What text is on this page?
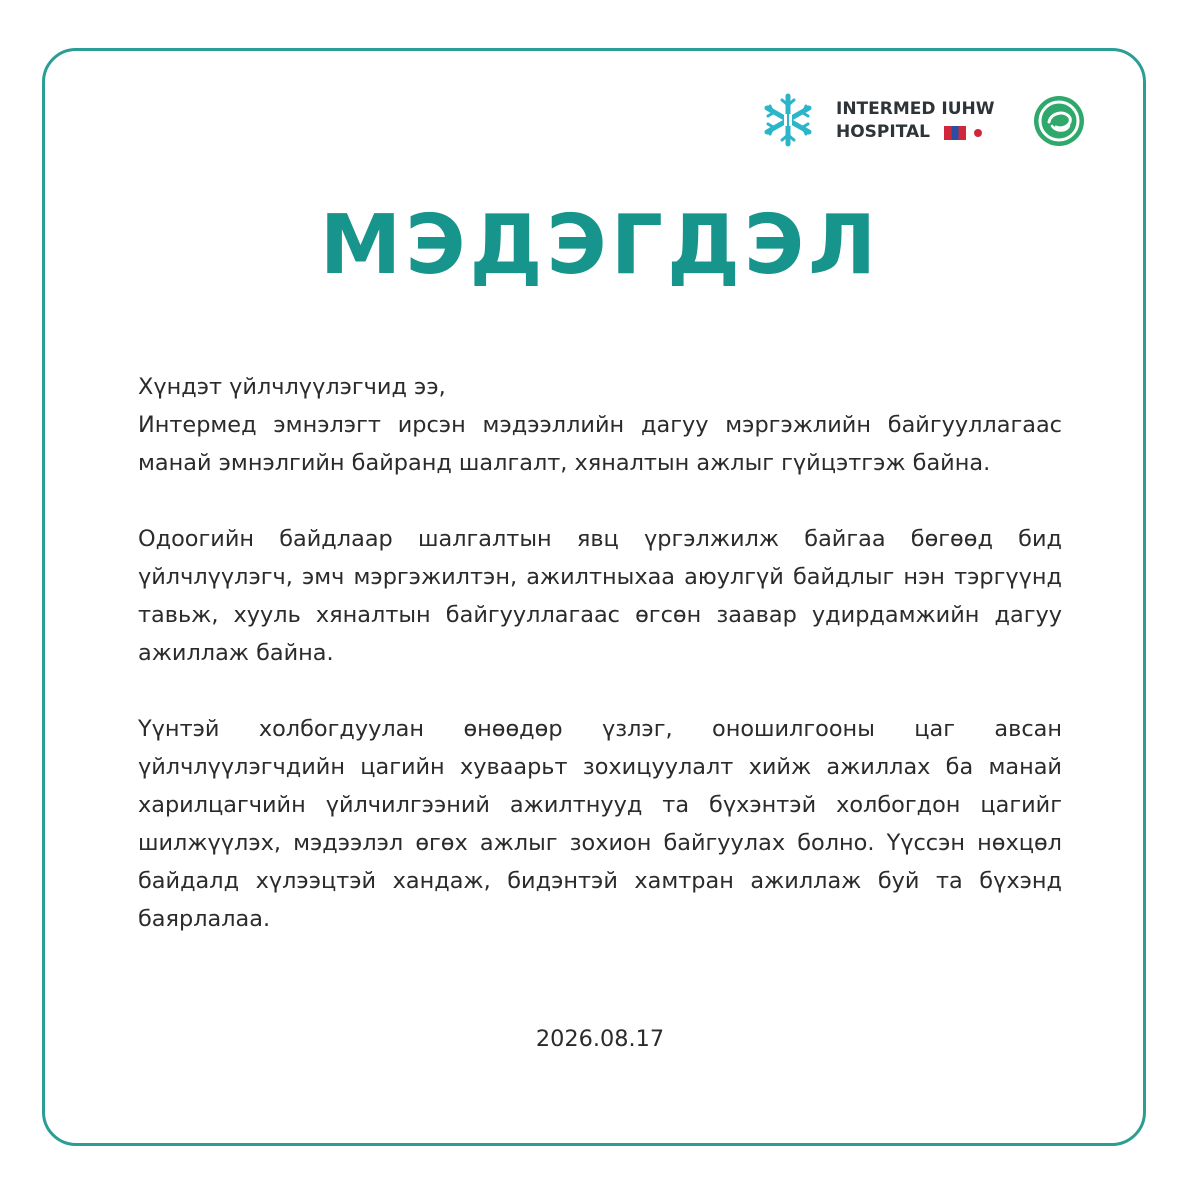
INTERMED IUHW
HOSPITAL
МЭДЭГДЭЛ
Хүндэт үйлчлүүлэгчид ээ,
Интермед эмнэлэгт ирсэн мэдээллийн дагуу мэргэжлийн байгууллагаас манай эмнэлгийн байранд шалгалт, хяналтын ажлыг гүйцэтгэж байна.
Одоогийн байдлаар шалгалтын явц үргэлжилж байгаа бөгөөд бид үйлчлүүлэгч, эмч мэргэжилтэн, ажилтныхаа аюулгүй байдлыг нэн тэргүүнд тавьж, хууль хяналтын байгууллагаас өгсөн заавар удирдамжийн дагуу ажиллаж байна.
Үүнтэй холбогдуулан өнөөдөр үзлэг, оношилгооны цаг авсан үйлчлүүлэгчдийн цагийн хуваарьт зохицуулалт хийж ажиллах ба манай харилцагчийн үйлчилгээний ажилтнууд та бүхэнтэй холбогдон цагийг шилжүүлэх, мэдээлэл өгөх ажлыг зохион байгуулах болно. Үүссэн нөхцөл байдалд хүлээцтэй хандаж, бидэнтэй хамтран ажиллаж буй та бүхэнд баярлалаа.
2026.08.17
